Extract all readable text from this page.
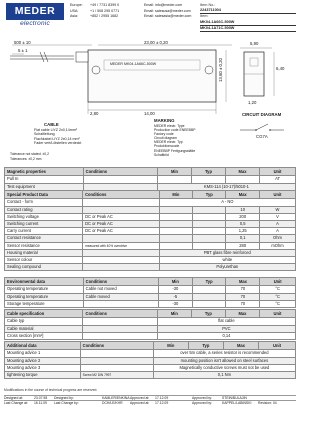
MEDER
electronic
Europe:	+49 / 7731 8399 0	Email: info@meder.com
USA:	+1 / 508 295 0771	Email: salesusa@meder.com
Asia:	+852 / 2955 1682	Email: salesasia@meder.com
Item No.:
2243711004
Item:
MK04-1A66C-500W
MK04-1A71C-500W
500 ± 10
5 ± 1
23,00 ± 0,20	5,90
6,40
13,60 ± 0,20
2,80	14,00
1,20
MEDER MK04-1A66C-500W
CABLE
Flat cable LiYZ 2x0,14mm²
Schaltleitung
Flachkabel LiYZ 2x0,14 mm²
Fader vert/Lötstellen verdeckt
MARKING
MEDER electr. Type
Production code ENEEBBP
Factory code
Circuit diagram
MEDER electr. Typ
Produktionscode
ENEEBBP Fertigungsstätte
Schaltbild
CIRCUIT DIAGRAM
CG7A
Tolerance not stated: ±0,2
Tolerances: ±0,2 mm
Magnetic properties	Conditions	Min	Typ	Max	Unit
Pull In					AT
Test equipment		KMS-114 (10-17)/5010-1			
Special Product Data	Conditions	Min	Typ	Max	Unit
Contact - form		A - NO			
Contact rating				10	W
Switching voltage	DC or Peak AC			200	V
Switching current	DC or Peak AC			0,5	A
Carry current	DC or Peak AC			1,25	A
Contact resistance				0,1	Ohm
Sensor resistance	measured with 40% overdrive			280	mOhm
Housing material		PBT glass fibre reinforced			
Sensor colour		white			
Sealing compound		Polyurethan			
Environmental data	Conditions	Min	Typ	Max	Unit
Operating temperature	Cable not moved	-30		70	°C
Operating temperature	Cable moved	-5		70	°C
Storage temperature		-30		70	°C
Cable specification	Conditions	Min	Typ	Max	Unit
Cable typ		flat cable			
Cable material		PVC			
Cross section [mm²]		0,14			
Additional data	Conditions	Min	Typ	Max	Unit
Mounting advice 1		over 5m cable, a series resistor is recommended			
Mounting advice 2		mounting position isn't allowed on steel surfaces			
Mounting advice 3		Magnetically conductive screws must not be used			
tightening torque	Screw M2 DIN 7997	0,1 Nm			
Modifications in the course of technical progress are reserved.
Designed at:	23.07.98	Designed by:	KAMLER/ENKINA Approved at:	17.12.09	Approved by:	STEIN/BULAJIN
Last Change at:	16.11.09	Last Change by:	DCH/LE/KHR	Approved at:	17.12.09	Approved by:	KAPPEL/LABINSKI	Revision: 04
